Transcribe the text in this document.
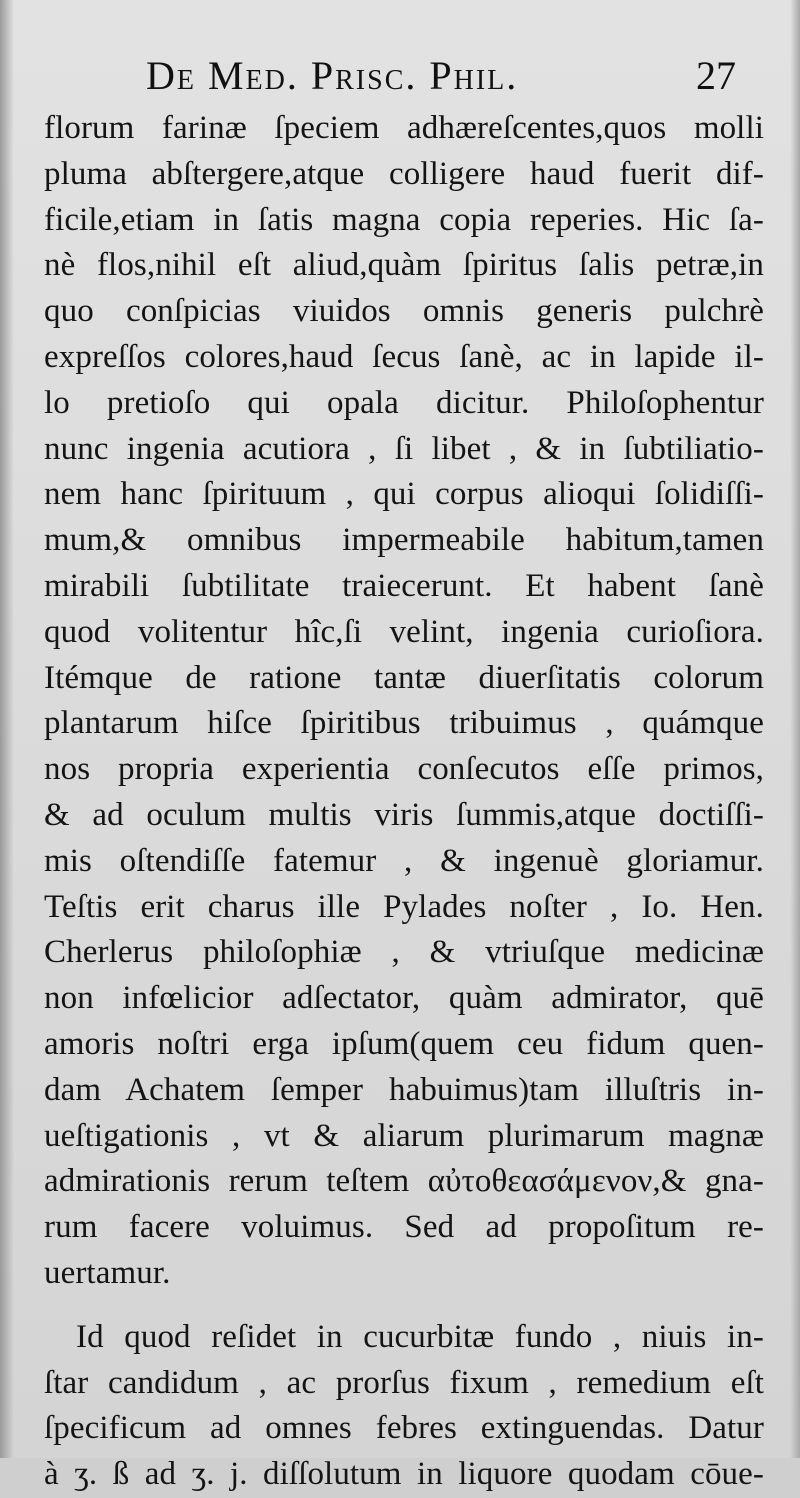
De Med. Prisc. Phil.	27
florum farinæ ſpeciem adhæreſcentes,quos molli
pluma abſtergere,atque colligere haud fuerit dif-
ficile,etiam in ſatis magna copia reperies. Hic ſa-
nè flos,nihil eſt aliud,quàm ſpiritus ſalis petræ,in
quo conſpicias viuidos omnis generis pulchrè
expreſſos colores,haud ſecus ſanè, ac in lapide il-
lo pretioſo qui opala dicitur. Philoſophentur
nunc ingenia acutiora , ſi libet , & in ſubtiliatio-
nem hanc ſpirituum , qui corpus alioqui ſolidiſſi-
mum,& omnibus impermeabile habitum,tamen
mirabili ſubtilitate traiecerunt. Et habent ſanè
quod volitentur hîc,ſi velint, ingenia curioſiora.
Itémque de ratione tantæ diuerſitatis colorum
plantarum hiſce ſpiritibus tribuimus , quámque
nos propria experientia conſecutos eſſe primos,
& ad oculum multis viris ſummis,atque doctiſſi-
mis oſtendiſſe fatemur , & ingenuè gloriamur.
Teſtis erit charus ille Pylades noſter , Io. Hen.
Cherlerus philoſophiæ , & vtriuſque medicinæ
non infœlicior adſectator, quàm admirator, quē
amoris noſtri erga ipſum(quem ceu fidum quen-
dam Achatem ſemper habuimus)tam illuſtris in-
ueſtigationis , vt & aliarum plurimarum magnæ
admirationis rerum teſtem αὐτοθεασάμενον,& gna-
rum facere voluimus. Sed ad propoſitum re-
uertamur.
Id quod reſidet in cucurbitæ fundo , niuis in-
ſtar candidum , ac prorſus fixum , remedium eſt
ſpecificum ad omnes febres extinguendas. Datur
à ʒ. ß ad ʒ. j. diſſolutum in liquore quodam cōue-
